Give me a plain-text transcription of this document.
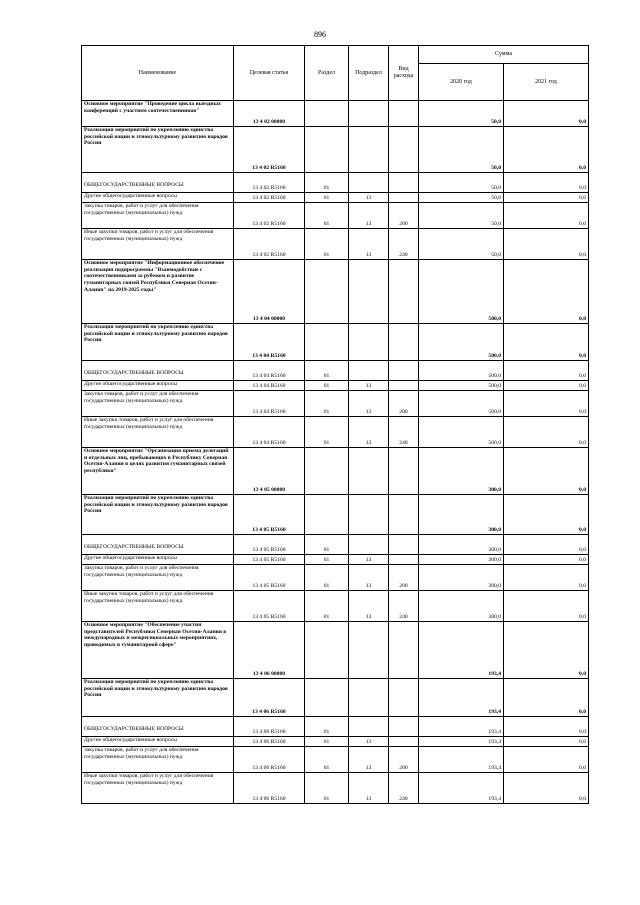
896
Наименование	Целевая статья	Раздел	Подраздел	Вид расхода	Сумма	
					2020 год	2021 год
Основное мероприятие "Проведение цикла выездных конференций с участием соотечественников"	13 4 02 00000				50,0	0,0
Реализация мероприятий по укреплению единства российской нации и этнокультурному развитию народов России	13 4 02 R5160				50,0	0,0
ОБЩЕГОСУДАРСТВЕННЫЕ ВОПРОСЫ	13 4 02 R5160	01			50,0	0,0
Другие общегосударственные вопросы	13 4 02 R5160	01	13		50,0	0,0
Закупка товаров, работ и услуг для обеспечения государственных (муниципальных) нужд	13 4 02 R5160	01	13	200	50,0	0,0
Иные закупки товаров, работ и услуг для обеспечения государственных (муниципальных) нужд	13 4 02 R5160	01	13	240	50,0	0,0
Основное мероприятие "Информационное обеспечение реализации подпрограммы "Взаимодействие с соотечественниками за рубежом и развитие гуманитарных связей Республики Северная Осетия-Алания" на 2019-2025 годы"	13 4 04 00000				500,0	0,0
Реализация мероприятий по укреплению единства российской нации и этнокультурному развитию народов России	13 4 04 R5160				500,0	0,0
ОБЩЕГОСУДАРСТВЕННЫЕ ВОПРОСЫ	13 4 04 R5160	01			500,0	0,0
Другие общегосударственные вопросы	13 4 04 R5160	01	13		500,0	0,0
Закупка товаров, работ и услуг для обеспечения государственных (муниципальных) нужд	13 4 04 R5160	01	13	200	500,0	0,0
Иные закупки товаров, работ и услуг для обеспечения государственных (муниципальных) нужд	13 4 04 R5160	01	13	240	500,0	0,0
Основное мероприятие "Организация приема делегаций и отдельных лиц, пребывающих в Республику Северная Осетия-Алания в целях развития гуманитарных связей республики"	13 4 05 00000				300,0	0,0
Реализация мероприятий по укреплению единства российской нации и этнокультурному развитию народов России	13 4 05 R5160				300,0	0,0
ОБЩЕГОСУДАРСТВЕННЫЕ ВОПРОСЫ	13 4 05 R5160	01			300,0	0,0
Другие общегосударственные вопросы	13 4 05 R5160	01	13		300,0	0,0
Закупка товаров, работ и услуг для обеспечения государственных (муниципальных) нужд	13 4 05 R5160	01	13	200	300,0	0,0
Иные закупки товаров, работ и услуг для обеспечения государственных (муниципальных) нужд	13 4 05 R5160	01	13	240	300,0	0,0
Основное мероприятие "Обеспечение участия представителей Республики Северная Осетия-Алания в международных и межрегиональных мероприятиях, проводимых в гуманитарной сфере"	13 4 06 00000				193,4	0,0
Реализация мероприятий по укреплению единства российской нации и этнокультурному развитию народов России	13 4 06 R5160				193,4	0,0
ОБЩЕГОСУДАРСТВЕННЫЕ ВОПРОСЫ	13 4 06 R5160	01			193,4	0,0
Другие общегосударственные вопросы	13 4 06 R5160	01	13		193,4	0,0
Закупка товаров, работ и услуг для обеспечения государственных (муниципальных) нужд	13 4 06 R5160	01	13	200	193,4	0,0
Иные закупки товаров, работ и услуг для обеспечения государственных (муниципальных) нужд	13 4 06 R5160	01	13	240	193,4	0,0
